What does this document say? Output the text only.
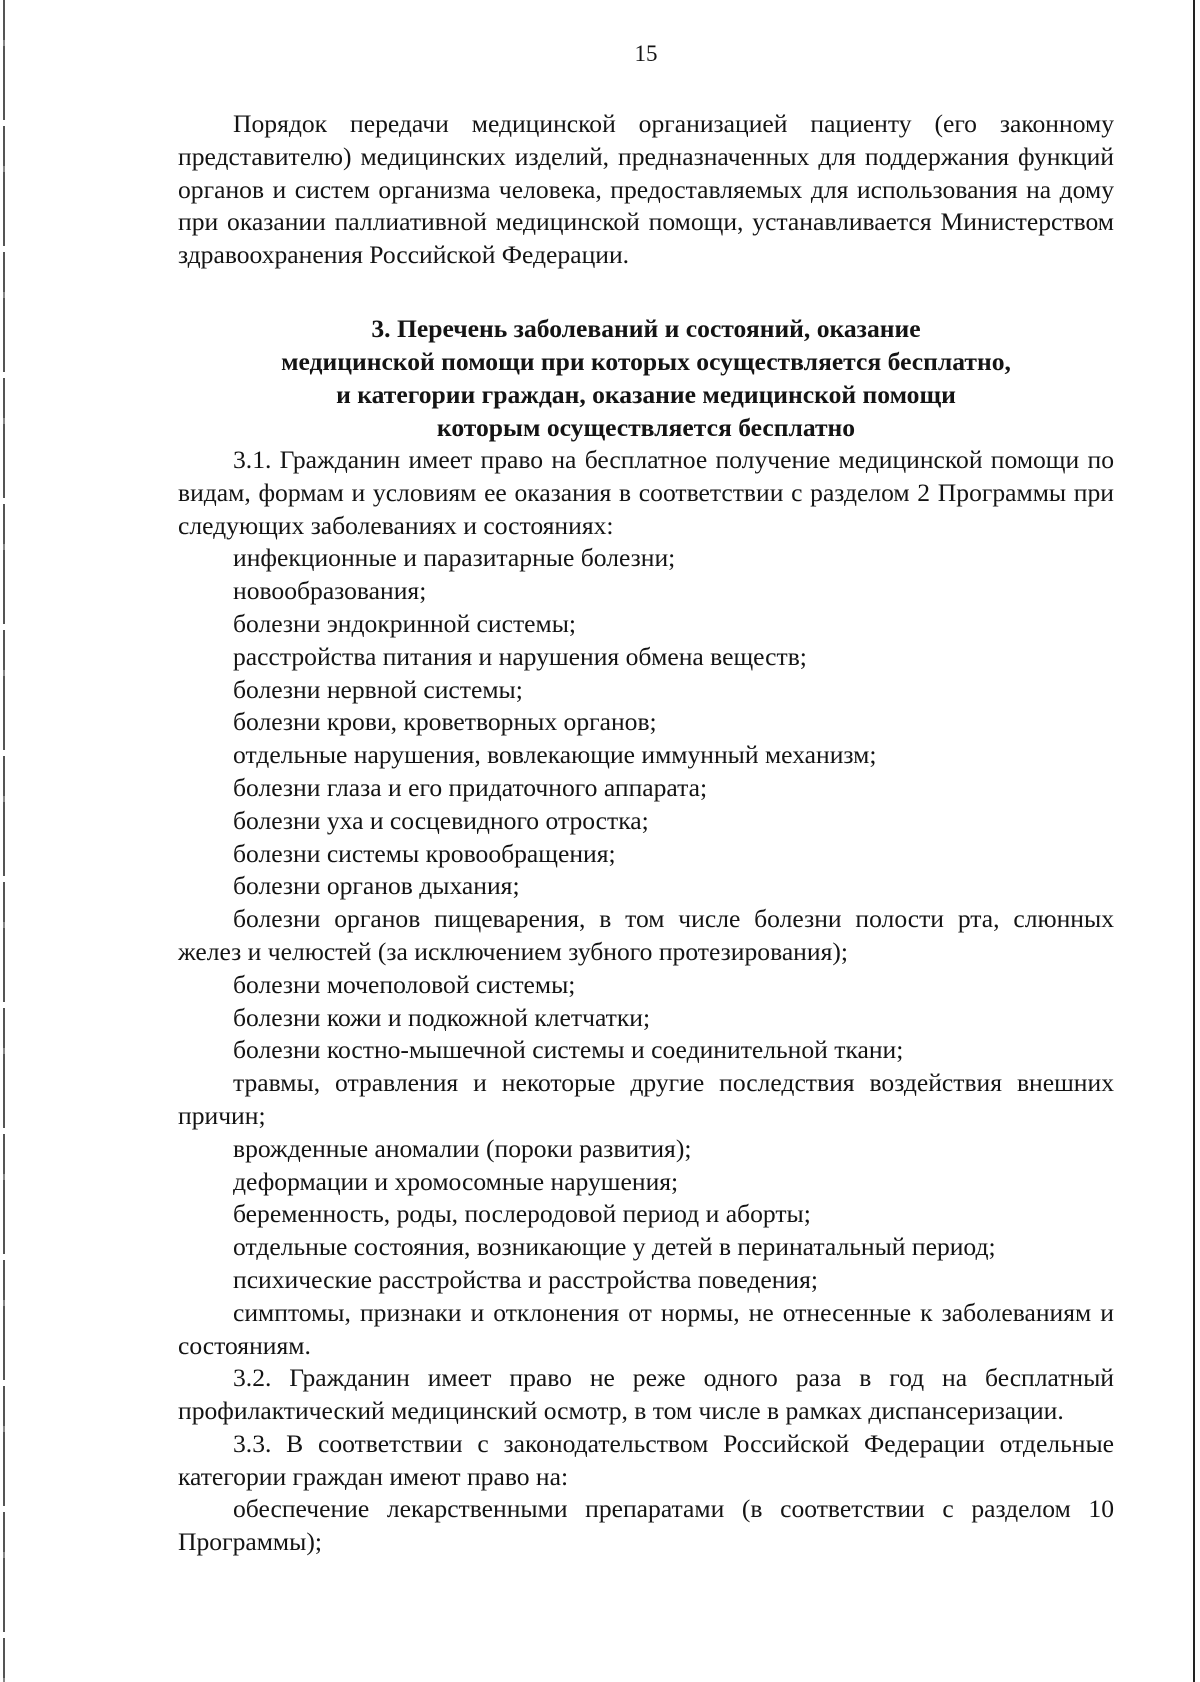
15

Порядок передачи медицинской организацией пациенту (его законному представителю) медицинских изделий, предназначенных для поддержания функций органов и систем организма человека, предоставляемых для использования на дому при оказании паллиативной медицинской помощи, устанавливается Министерством здравоохранения Российской Федерации.

3. Перечень заболеваний и состояний, оказание
медицинской помощи при которых осуществляется бесплатно,
и категории граждан, оказание медицинской помощи
которым осуществляется бесплатно

3.1. Гражданин имеет право на бесплатное получение медицинской помощи по видам, формам и условиям ее оказания в соответствии с разделом 2 Программы при следующих заболеваниях и состояниях:

инфекционные и паразитарные болезни;

новообразования;

болезни эндокринной системы;

расстройства питания и нарушения обмена веществ;

болезни нервной системы;

болезни крови, кроветворных органов;

отдельные нарушения, вовлекающие иммунный механизм;

болезни глаза и его придаточного аппарата;

болезни уха и сосцевидного отростка;

болезни системы кровообращения;

болезни органов дыхания;

болезни органов пищеварения, в том числе болезни полости рта, слюнных желез и челюстей (за исключением зубного протезирования);

болезни мочеполовой системы;

болезни кожи и подкожной клетчатки;

болезни костно-мышечной системы и соединительной ткани;

травмы, отравления и некоторые другие последствия воздействия внешних причин;

врожденные аномалии (пороки развития);

деформации и хромосомные нарушения;

беременность, роды, послеродовой период и аборты;

отдельные состояния, возникающие у детей в перинатальный период;

психические расстройства и расстройства поведения;

симптомы, признаки и отклонения от нормы, не отнесенные к заболеваниям и состояниям.

3.2. Гражданин имеет право не реже одного раза в год на бесплатный профилактический медицинский осмотр, в том числе в рамках диспансеризации.

3.3. В соответствии с законодательством Российской Федерации отдельные категории граждан имеют право на:

обеспечение лекарственными препаратами (в соответствии с разделом 10 Программы);
